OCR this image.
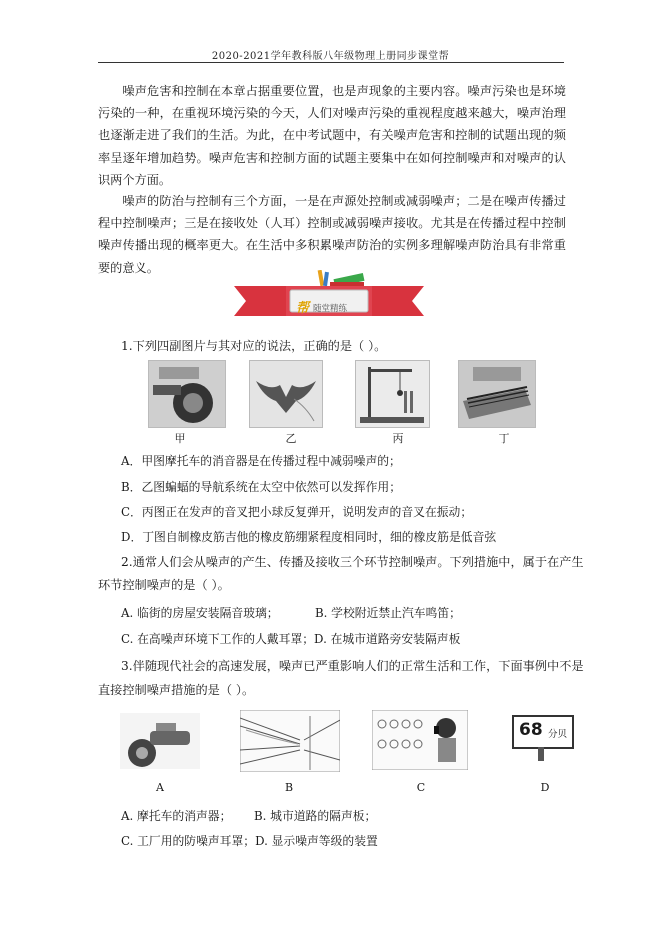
2020-2021学年教科版八年级物理上册同步课堂帮

噪声危害和控制在本章占据重要位置，也是声现象的主要内容。噪声污染也是环境污染的一种，在重视环境污染的今天，人们对噪声污染的重视程度越来越大，噪声治理也逐渐走进了我们的生活。为此，在中考试题中，有关噪声危害和控制的试题出现的频率呈逐年增加趋势。噪声危害和控制方面的试题主要集中在如何控制噪声和对噪声的认识两个方面。

噪声的防治与控制有三个方面，一是在声源处控制或减弱噪声；二是在噪声传播过程中控制噪声；三是在接收处（人耳）控制或减弱噪声接收。尤其是在传播过程中控制噪声传播出现的概率更大。在生活中多积累噪声防治的实例多理解噪声防治具有非常重要的意义。

帮 随堂精练
1.下列四副图片与其对应的说法，正确的是（ ）。
甲	乙	丙	丁
A．甲图摩托车的消音器是在传播过程中减弱噪声的；
B．乙图蝙蝠的导航系统在太空中依然可以发挥作用；
C．丙图正在发声的音叉把小球反复弹开，说明发声的音叉在振动；
D．丁图自制橡皮筋吉他的橡皮筋绷紧程度相同时，细的橡皮筋是低音弦
2.通常人们会从噪声的产生、传播及接收三个环节控制噪声。下列措施中，属于在产生
环节控制噪声的是（ ）。
A. 临街的房屋安装隔音玻璃；	B. 学校附近禁止汽车鸣笛；
C. 在高噪声环境下工作的人戴耳罩；D. 在城市道路旁安装隔声板
3.伴随现代社会的高速发展，噪声已严重影响人们的正常生活和工作，下面事例中不是
直接控制噪声措施的是（ ）。
68 分贝
A	B	C	D
A. 摩托车的消声器； B. 城市道路的隔声板；
C. 工厂用的防噪声耳罩；D. 显示噪声等级的装置
